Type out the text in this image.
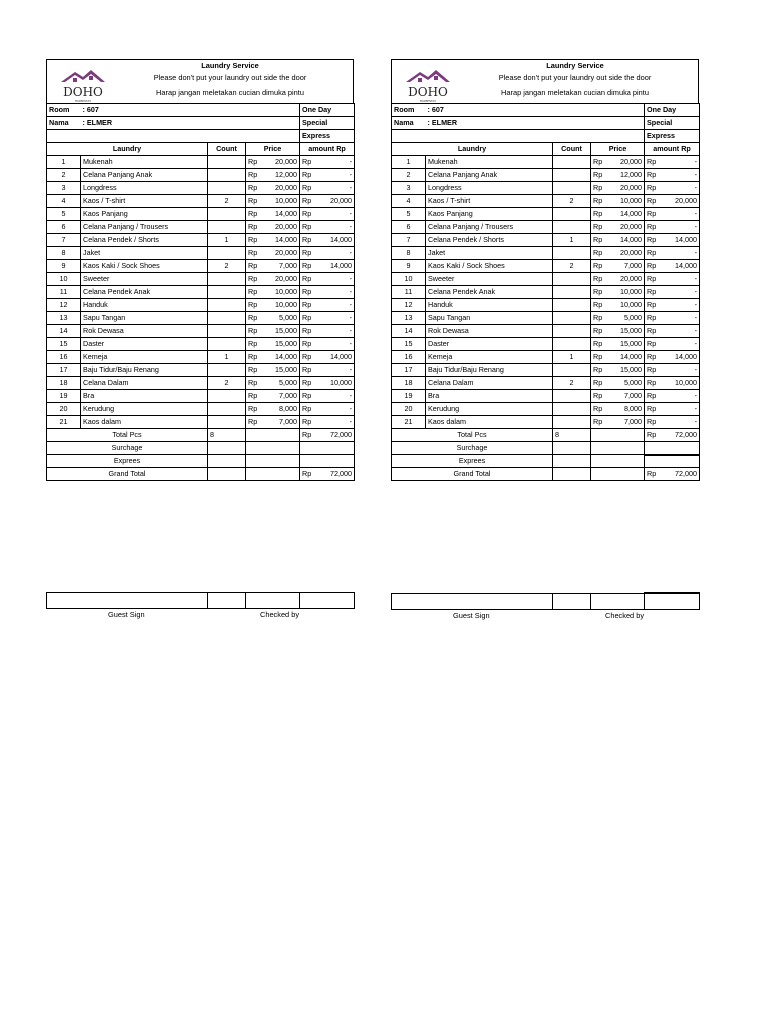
DOHO
HOMESTAY
Laundry Service
Please don't put your laundry out side the door
Harap jangan meletakan cucian dimuka pintu
Room	: 607				One Day	
Nama	: ELMER				Special	
					Express	
Laundry		Count	Price		amount Rp	
1	Mukenah		Rp	20,000	Rp	-
2	Celana Panjang Anak		Rp	12,000	Rp	-
3	Longdress		Rp	20,000	Rp	-
4	Kaos / T-shirt	2	Rp	10,000	Rp	20,000
5	Kaos Panjang		Rp	14,000	Rp	-
6	Celana Panjang / Trousers		Rp	20,000	Rp	-
7	Celana Pendek / Shorts	1	Rp	14,000	Rp	14,000
8	Jaket		Rp	20,000	Rp	-
9	Kaos Kaki / Sock Shoes	2	Rp	7,000	Rp	14,000
10	Sweeter		Rp	20,000	Rp	-
11	Celana Pendek Anak		Rp	10,000	Rp	-
12	Handuk		Rp	10,000	Rp	-
13	Sapu Tangan		Rp	5,000	Rp	-
14	Rok Dewasa		Rp	15,000	Rp	-
15	Daster		Rp	15,000	Rp	-
16	Kemeja	1	Rp	14,000	Rp	14,000
17	Baju Tidur/Baju Renang		Rp	15,000	Rp	-
18	Celana Dalam	2	Rp	5,000	Rp	10,000
19	Bra		Rp	7,000	Rp	-
20	Kerudung		Rp	8,000	Rp	-
21	Kaos dalam		Rp	7,000	Rp	-
Total Pcs		8			Rp	72,000
Surchage						
Exprees						
Grand Total					Rp	72,000
DOHO
HOMESTAY
Laundry Service
Please don't put your laundry out side the door
Harap jangan meletakan cucian dimuka pintu
Room	: 607				One Day	
Nama	: ELMER				Special	
					Express	
Laundry		Count	Price		amount Rp	
1	Mukenah		Rp	20,000	Rp	-
2	Celana Panjang Anak		Rp	12,000	Rp	-
3	Longdress		Rp	20,000	Rp	-
4	Kaos / T-shirt	2	Rp	10,000	Rp	20,000
5	Kaos Panjang		Rp	14,000	Rp	-
6	Celana Panjang / Trousers		Rp	20,000	Rp	-
7	Celana Pendek / Shorts	1	Rp	14,000	Rp	14,000
8	Jaket		Rp	20,000	Rp	-
9	Kaos Kaki / Sock Shoes	2	Rp	7,000	Rp	14,000
10	Sweeter		Rp	20,000	Rp	-
11	Celana Pendek Anak		Rp	10,000	Rp	-
12	Handuk		Rp	10,000	Rp	-
13	Sapu Tangan		Rp	5,000	Rp	-
14	Rok Dewasa		Rp	15,000	Rp	-
15	Daster		Rp	15,000	Rp	-
16	Kemeja	1	Rp	14,000	Rp	14,000
17	Baju Tidur/Baju Renang		Rp	15,000	Rp	-
18	Celana Dalam	2	Rp	5,000	Rp	10,000
19	Bra		Rp	7,000	Rp	-
20	Kerudung		Rp	8,000	Rp	-
21	Kaos dalam		Rp	7,000	Rp	-
Total Pcs		8			Rp	72,000
Surchage						
Exprees						
Grand Total					Rp	72,000

Guest Sign	Checked by
				Guest Sign	Checked by
